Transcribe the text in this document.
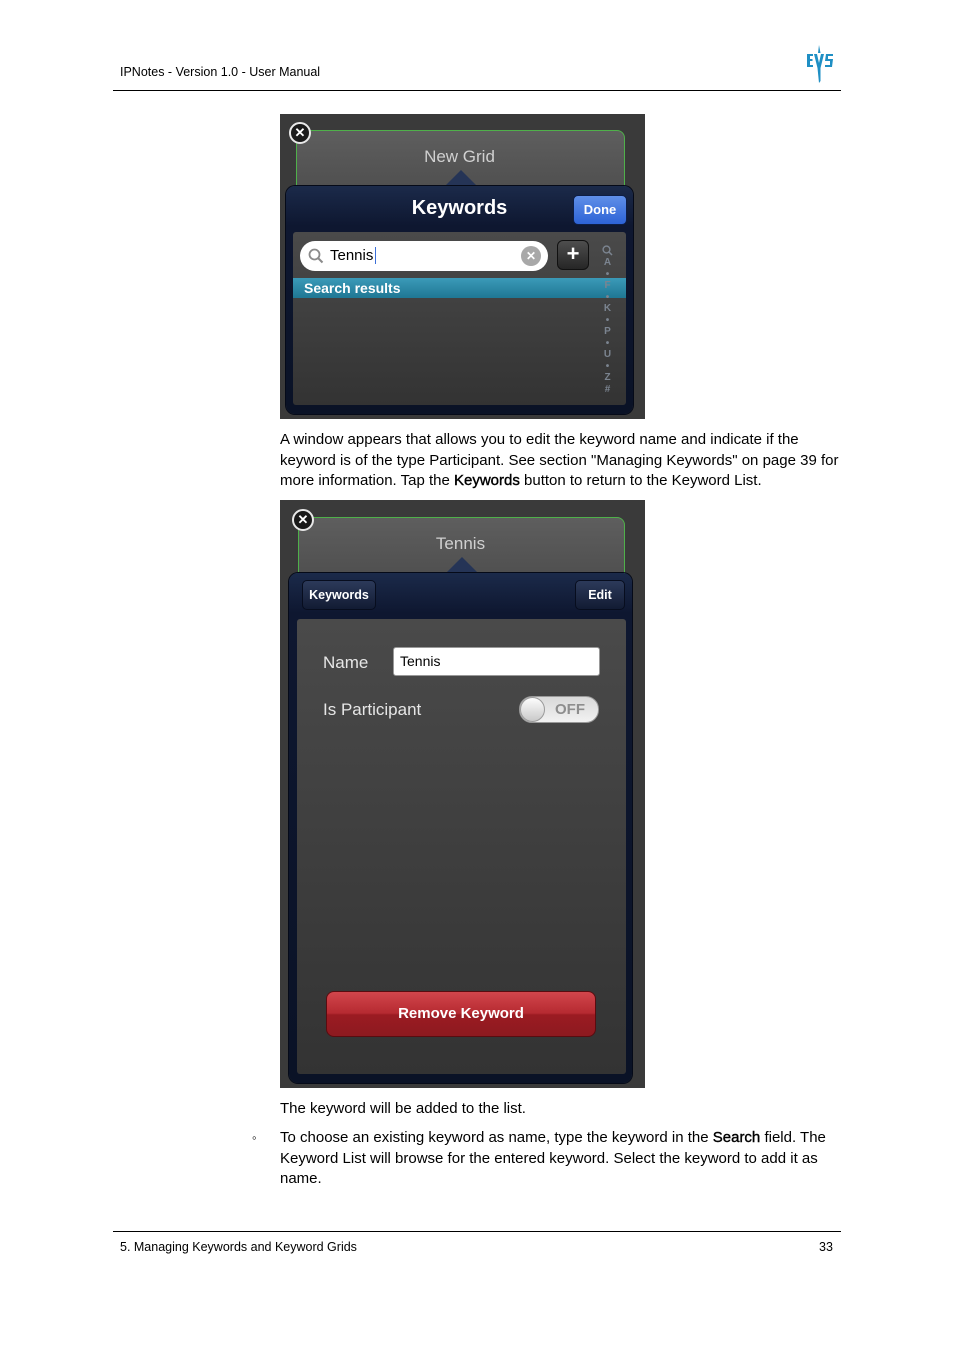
IPNotes - Version 1.0 - User Manual
New Grid
✕
Keywords	Done
Tennis	✕	+
Search results
A
•
F
•
K
•
P
•
U
•
Z
#
A window appears that allows you to edit the keyword name and indicate if the keyword is of the type Participant. See section "Managing Keywords" on page 39 for more information. Tap the Keywords button to return to the Keyword List.
Tennis
✕
Keywords	Edit
Name Tennis
Is Participant	OFF
Remove Keyword
The keyword will be added to the list.
◦ To choose an existing keyword as name, type the keyword in the Search field. The Keyword List will browse for the entered keyword. Select the keyword to add it as name.
5. Managing Keywords and Keyword Grids	33
